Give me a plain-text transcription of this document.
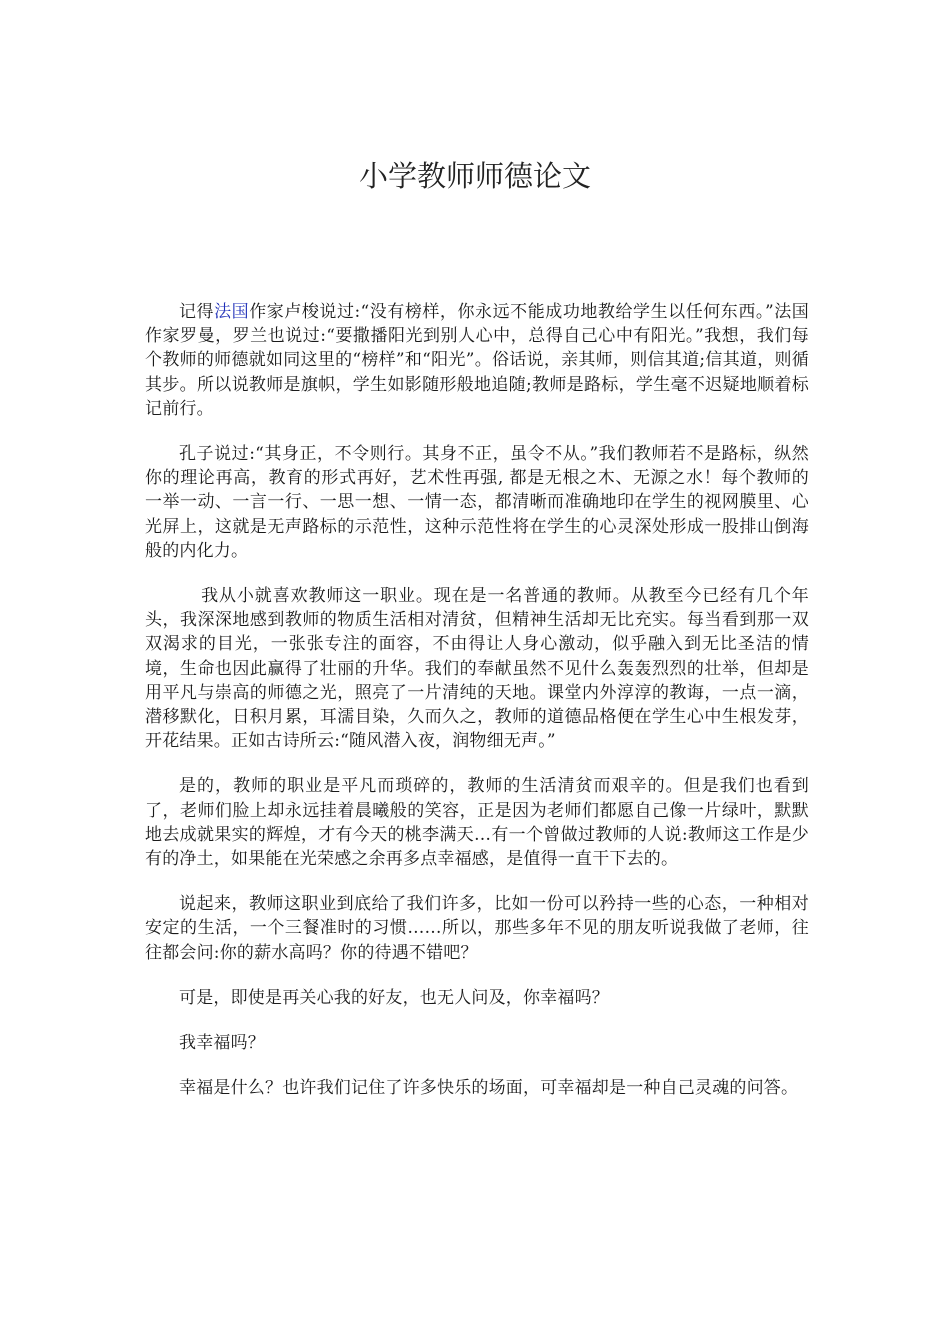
小学教师师德论文

记得法国作家卢梭说过:“没有榜样，你永远不能成功地教给学生以任何东西。”法国作家罗曼，罗兰也说过:“要撒播阳光到别人心中，总得自己心中有阳光。”我想，我们每个教师的师德就如同这里的“榜样”和“阳光”。俗话说，亲其师，则信其道;信其道，则循其步。所以说教师是旗帜，学生如影随形般地追随;教师是路标，学生毫不迟疑地顺着标记前行。

孔子说过:“其身正，不令则行。其身不正，虽令不从。”我们教师若不是路标，纵然你的理论再高，教育的形式再好，艺术性再强, 都是无根之木、无源之水！每个教师的一举一动、一言一行、一思一想、一情一态，都清晰而准确地印在学生的视网膜里、心光屏上，这就是无声路标的示范性，这种示范性将在学生的心灵深处形成一股排山倒海般的内化力。

我从小就喜欢教师这一职业。现在是一名普通的教师。从教至今已经有几个年头，我深深地感到教师的物质生活相对清贫，但精神生活却无比充实。每当看到那一双双渴求的目光，一张张专注的面容，不由得让人身心激动，似乎融入到无比圣洁的情境，生命也因此赢得了壮丽的升华。我们的奉献虽然不见什么轰轰烈烈的壮举，但却是用平凡与崇高的师德之光，照亮了一片清纯的天地。课堂内外淳淳的教诲，一点一滴，潜移默化，日积月累，耳濡目染，久而久之，教师的道德品格便在学生心中生根发芽，开花结果。正如古诗所云:“随风潜入夜，润物细无声。”

是的，教师的职业是平凡而琐碎的，教师的生活清贫而艰辛的。但是我们也看到了，老师们脸上却永远挂着晨曦般的笑容，正是因为老师们都愿自己像一片绿叶，默默地去成就果实的辉煌，才有今天的桃李满天…有一个曾做过教师的人说:教师这工作是少有的净土，如果能在光荣感之余再多点幸福感，是值得一直干下去的。

说起来，教师这职业到底给了我们许多，比如一份可以矜持一些的心态，一种相对安定的生活，一个三餐准时的习惯……所以，那些多年不见的朋友听说我做了老师，往往都会问:你的薪水高吗？你的待遇不错吧？

可是，即使是再关心我的好友，也无人问及，你幸福吗？

我幸福吗？

幸福是什么？也许我们记住了许多快乐的场面，可幸福却是一种自己灵魂的问答。
